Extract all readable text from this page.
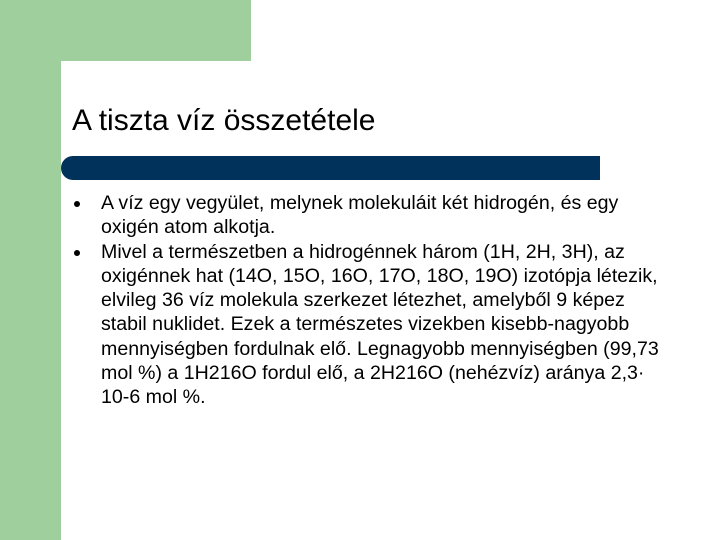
A tiszta víz összetétele
A víz egy vegyület, melynek molekuláit két hidrogén, és egy oxigén atom alkotja.
Mivel a természetben a hidrogénnek három (1H, 2H, 3H), az oxigénnek hat (14O, 15O, 16O, 17O, 18O, 19O) izotópja létezik, elvileg 36 víz molekula szerkezet létezhet, amelyből 9 képez stabil nuklidet. Ezek a természetes vizekben kisebb-nagyobb mennyiségben fordulnak elő. Legnagyobb mennyiségben (99,73 mol %) a 1H216O fordul elő, a 2H216O (nehézvíz) aránya 2,3· 10-6 mol %.
